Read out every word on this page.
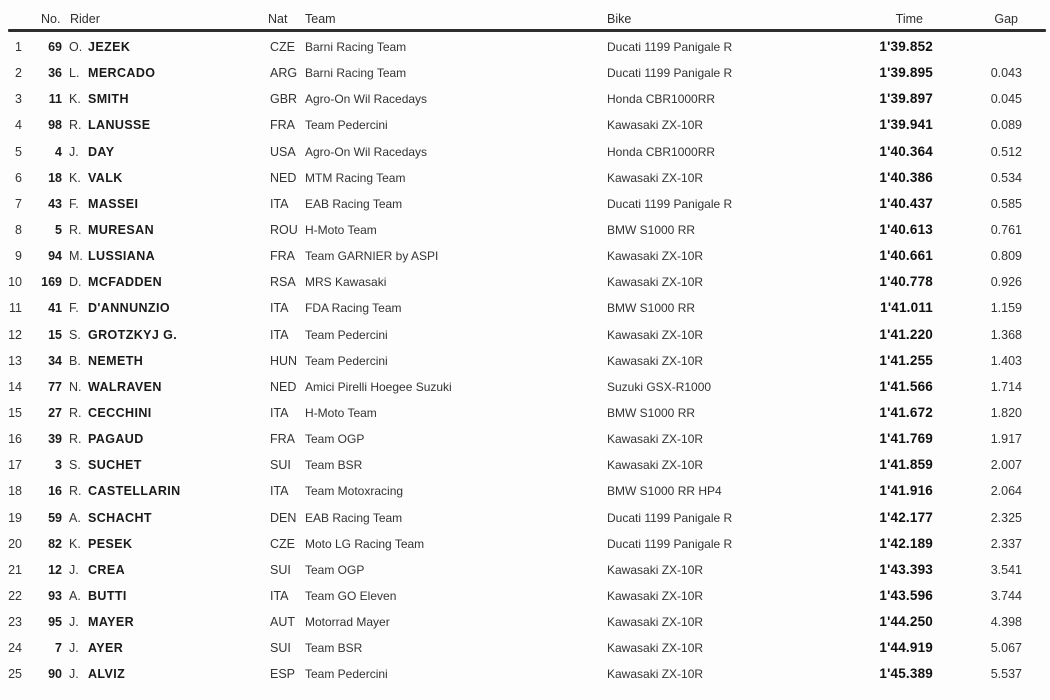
No. Rider	Nat Team	Bike	Time	Gap
1	69 O. JEZEK	CZE Barni Racing Team	Ducati 1199 Panigale R	1'39.852
2	36 L. MERCADO	ARG Barni Racing Team	Ducati 1199 Panigale R	1'39.895	0.043
3	11 K. SMITH	GBR Agro-On Wil Racedays	Honda CBR1000RR	1'39.897	0.045
4	98 R. LANUSSE	FRA Team Pedercini	Kawasaki ZX-10R	1'39.941	0.089
5	4 J. DAY	USA Agro-On Wil Racedays	Honda CBR1000RR	1'40.364	0.512
6	18 K. VALK	NED MTM Racing Team	Kawasaki ZX-10R	1'40.386	0.534
7	43 F. MASSEI	ITA EAB Racing Team	Ducati 1199 Panigale R	1'40.437	0.585
8	5 R. MURESAN	ROU H-Moto Team	BMW S1000 RR	1'40.613	0.761
9	94 M. LUSSIANA	FRA Team GARNIER by ASPI	Kawasaki ZX-10R	1'40.661	0.809
10	169 D. MCFADDEN	RSA MRS Kawasaki	Kawasaki ZX-10R	1'40.778	0.926
11	41 F. D'ANNUNZIO	ITA FDA Racing Team	BMW S1000 RR	1'41.011	1.159
12	15 S. GROTZKYJ G.	ITA Team Pedercini	Kawasaki ZX-10R	1'41.220	1.368
13	34 B. NEMETH	HUN Team Pedercini	Kawasaki ZX-10R	1'41.255	1.403
14	77 N. WALRAVEN	NED Amici Pirelli Hoegee Suzuki	Suzuki GSX-R1000	1'41.566	1.714
15	27 R. CECCHINI	ITA H-Moto Team	BMW S1000 RR	1'41.672	1.820
16	39 R. PAGAUD	FRA Team OGP	Kawasaki ZX-10R	1'41.769	1.917
17	3 S. SUCHET	SUI Team BSR	Kawasaki ZX-10R	1'41.859	2.007
18	16 R. CASTELLARIN	ITA Team Motoxracing	BMW S1000 RR HP4	1'41.916	2.064
19	59 A. SCHACHT	DEN EAB Racing Team	Ducati 1199 Panigale R	1'42.177	2.325
20	82 K. PESEK	CZE Moto LG Racing Team	Ducati 1199 Panigale R	1'42.189	2.337
21	12 J. CREA	SUI Team OGP	Kawasaki ZX-10R	1'43.393	3.541
22	93 A. BUTTI	ITA Team GO Eleven	Kawasaki ZX-10R	1'43.596	3.744
23	95 J. MAYER	AUT Motorrad Mayer	Kawasaki ZX-10R	1'44.250	4.398
24	7 J. AYER	SUI Team BSR	Kawasaki ZX-10R	1'44.919	5.067
25	90 J. ALVIZ	ESP Team Pedercini	Kawasaki ZX-10R	1'45.389	5.537
